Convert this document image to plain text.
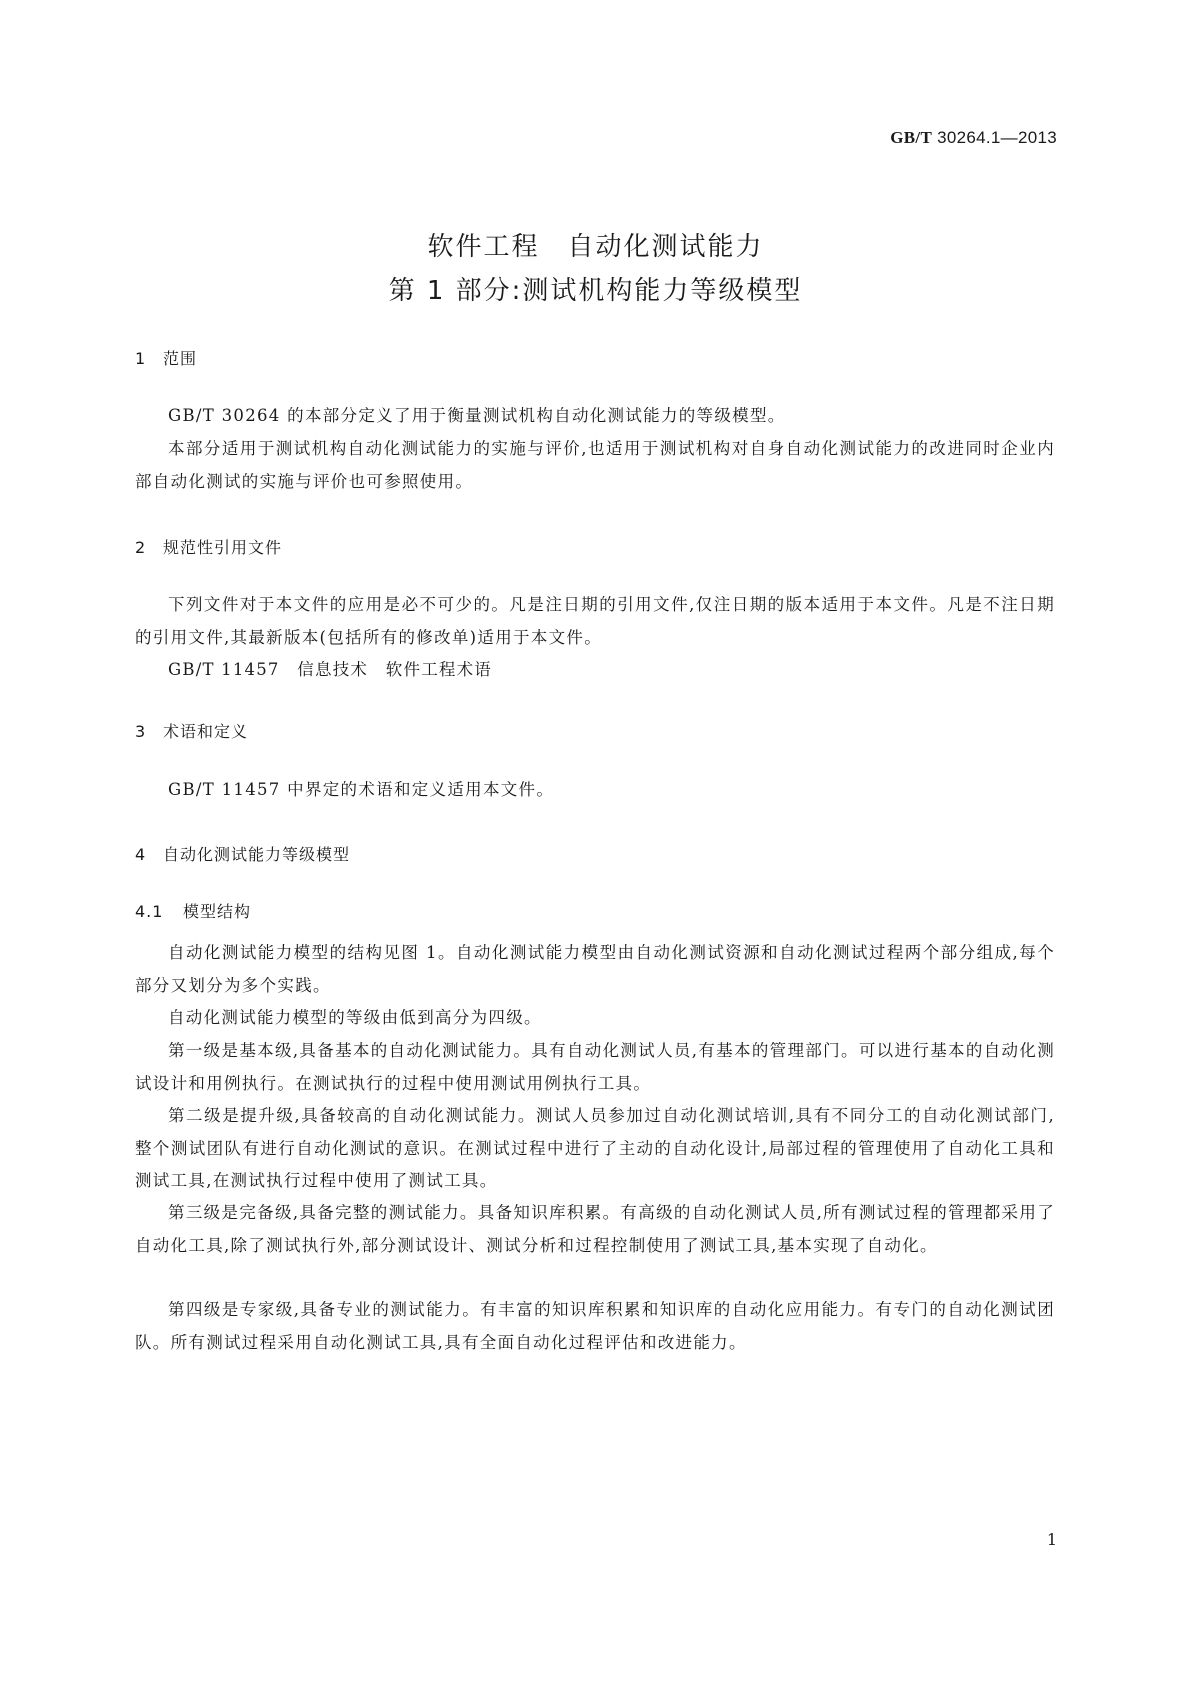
GB/T 30264.1—2013
软件工程　自动化测试能力
第 1 部分:测试机构能力等级模型
1 范围
GB/T 30264 的本部分定义了用于衡量测试机构自动化测试能力的等级模型。
本部分适用于测试机构自动化测试能力的实施与评价,也适用于测试机构对自身自动化测试能力的改进同时企业内部自动化测试的实施与评价也可参照使用。
2 规范性引用文件
下列文件对于本文件的应用是必不可少的。凡是注日期的引用文件,仅注日期的版本适用于本文件。凡是不注日期的引用文件,其最新版本(包括所有的修改单)适用于本文件。
GB/T 11457　信息技术　软件工程术语
3 术语和定义
GB/T 11457 中界定的术语和定义适用本文件。
4 自动化测试能力等级模型
4.1 模型结构
自动化测试能力模型的结构见图 1。自动化测试能力模型由自动化测试资源和自动化测试过程两个部分组成,每个部分又划分为多个实践。
自动化测试能力模型的等级由低到高分为四级。
第一级是基本级,具备基本的自动化测试能力。具有自动化测试人员,有基本的管理部门。可以进行基本的自动化测试设计和用例执行。在测试执行的过程中使用测试用例执行工具。
第二级是提升级,具备较高的自动化测试能力。测试人员参加过自动化测试培训,具有不同分工的自动化测试部门,整个测试团队有进行自动化测试的意识。在测试过程中进行了主动的自动化设计,局部过程的管理使用了自动化工具和测试工具,在测试执行过程中使用了测试工具。
第三级是完备级,具备完整的测试能力。具备知识库积累。有高级的自动化测试人员,所有测试过程的管理都采用了自动化工具,除了测试执行外,部分测试设计、测试分析和过程控制使用了测试工具,基本实现了自动化。
第四级是专家级,具备专业的测试能力。有丰富的知识库积累和知识库的自动化应用能力。有专门的自动化测试团队。所有测试过程采用自动化测试工具,具有全面自动化过程评估和改进能力。
1
